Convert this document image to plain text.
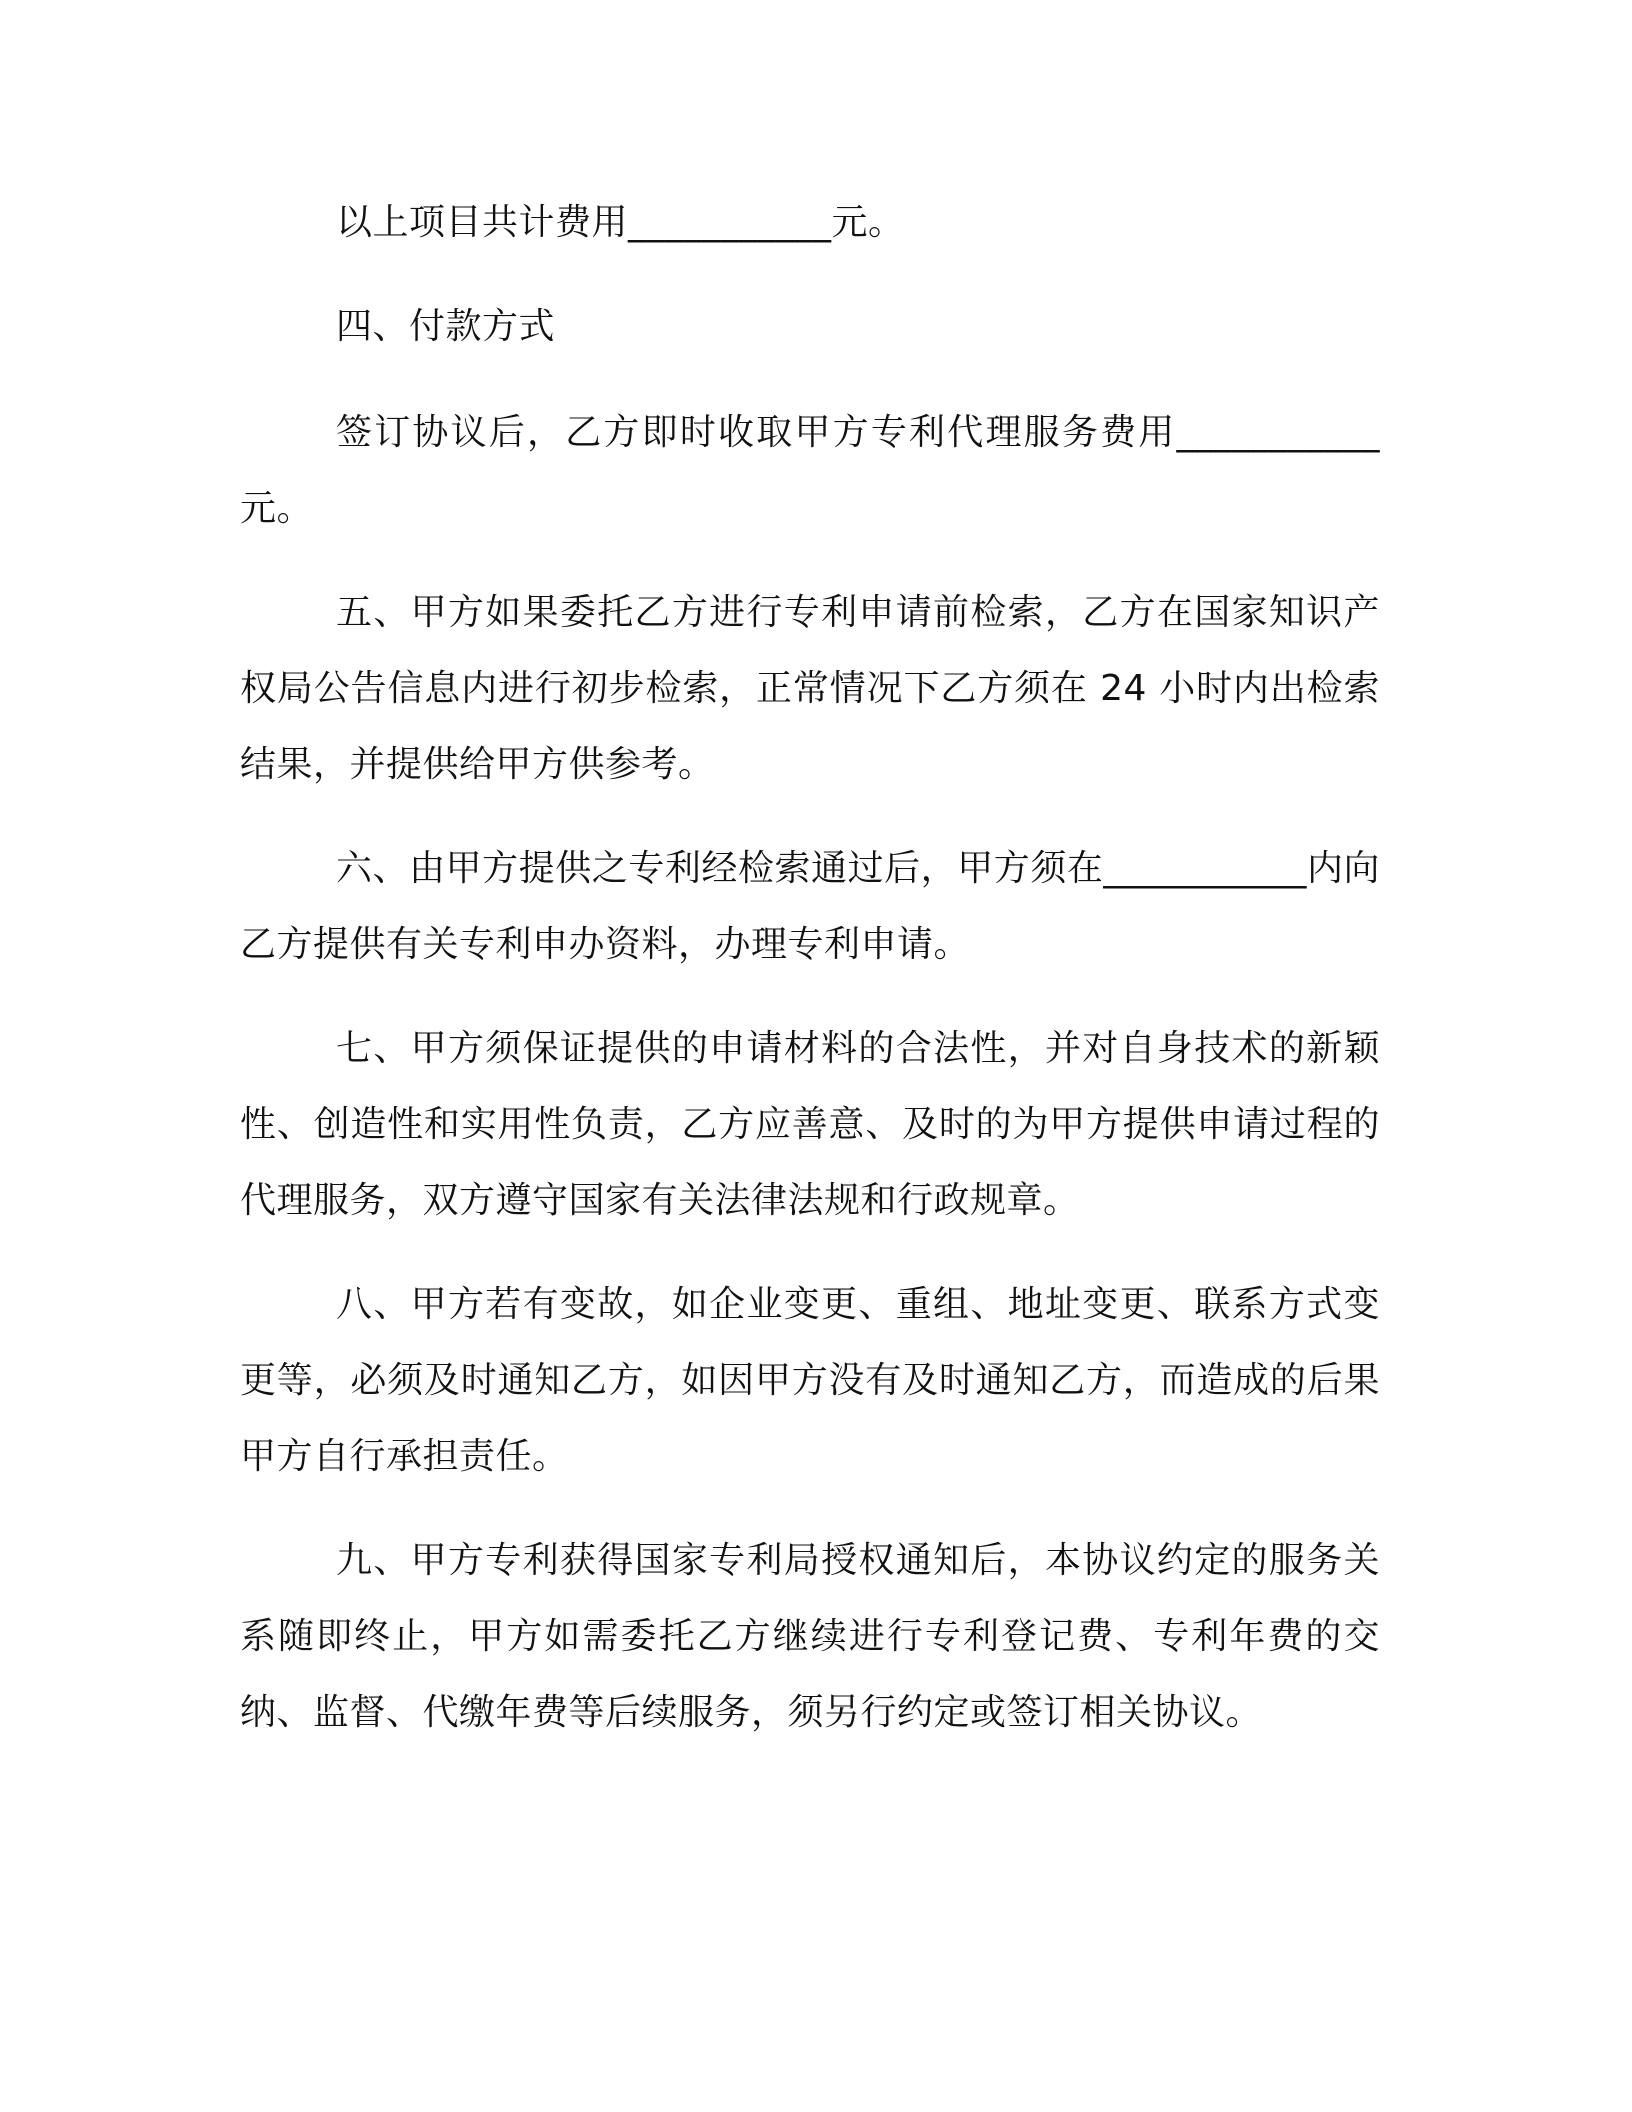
以上项目共计费用___________元。

四、付款方式

签订协议后，乙方即时收取甲方专利代理服务费用___________元。

五、甲方如果委托乙方进行专利申请前检索，乙方在国家知识产权局公告信息内进行初步检索，正常情况下乙方须在 24 小时内出检索结果，并提供给甲方供参考。

六、由甲方提供之专利经检索通过后，甲方须在___________内向乙方提供有关专利申办资料，办理专利申请。

七、甲方须保证提供的申请材料的合法性，并对自身技术的新颖性、创造性和实用性负责，乙方应善意、及时的为甲方提供申请过程的代理服务，双方遵守国家有关法律法规和行政规章。

八、甲方若有变故，如企业变更、重组、地址变更、联系方式变更等，必须及时通知乙方，如因甲方没有及时通知乙方，而造成的后果甲方自行承担责任。

九、甲方专利获得国家专利局授权通知后，本协议约定的服务关系随即终止，甲方如需委托乙方继续进行专利登记费、专利年费的交纳、监督、代缴年费等后续服务，须另行约定或签订相关协议。
